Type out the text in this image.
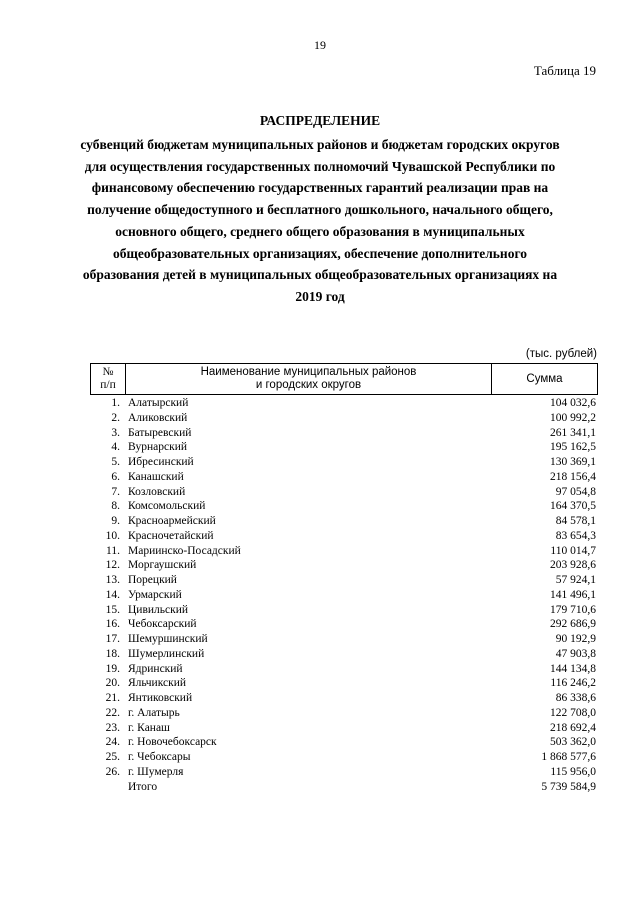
19
Таблица 19
РАСПРЕДЕЛЕНИЕ
субвенций бюджетам муниципальных районов и бюджетам городских округов для осуществления государственных полномочий Чувашской Республики по финансовому обеспечению государственных гарантий реализации прав на получение общедоступного и бесплатного дошкольного, начального общего, основного общего, среднего общего образования в муниципальных общеобразовательных организациях, обеспечение дополнительного образования детей в муниципальных общеобразовательных организациях на 2019 год
(тыс. рублей)
№
п/п

Наименование муниципальных районов
и городских округов
	Сумма
1. Алатырский	104 032,6
2. Аликовский	100 992,2
3. Батыревский	261 341,1
4. Вурнарский	195 162,5
5. Ибресинский	130 369,1
6. Канашский	218 156,4
7. Козловский	97 054,8
8. Комсомольский	164 370,5
9. Красноармейский	84 578,1
10. Красночетайский	83 654,3
11. Мариинско-Посадский	110 014,7
12. Моргаушский	203 928,6
13. Порецкий	57 924,1
14. Урмарский	141 496,1
15. Цивильский	179 710,6
16. Чебоксарский	292 686,9
17. Шемуршинский	90 192,9
18. Шумерлинский	47 903,8
19. Ядринский	144 134,8
20. Яльчикский	116 246,2
21. Янтиковский	86 338,6
22. г. Алатырь	122 708,0
23. г. Канаш	218 692,4
24. г. Новочебоксарск	503 362,0
25. г. Чебоксары	1 868 577,6
26. г. Шумерля	115 956,0
Итого	5 739 584,9
